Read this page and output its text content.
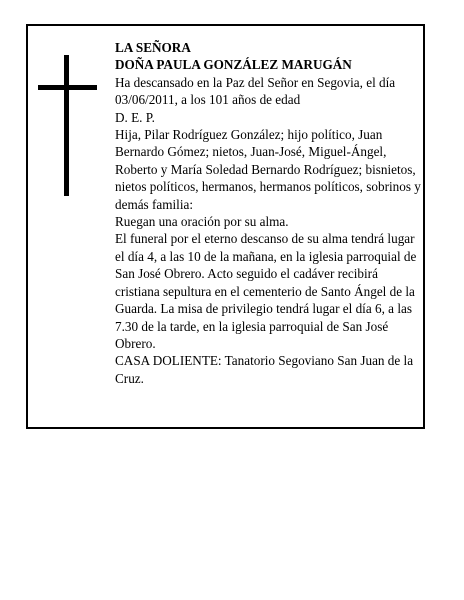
LA SEÑORA
DOÑA PAULA GONZÁLEZ MARUGÁN
Ha descansado en la Paz del Señor en Segovia, el día 03/06/2011, a los 101 años de edad
D. E. P.
Hija, Pilar Rodríguez González; hijo político, Juan Bernardo Gómez; nietos, Juan-José, Miguel-Ángel, Roberto y María Soledad Bernardo Rodríguez; bisnietos, nietos políticos, hermanos, hermanos políticos, sobrinos y demás familia:
Ruegan una oración por su alma.
El funeral por el eterno descanso de su alma tendrá lugar el día 4, a las 10 de la mañana, en la iglesia parroquial de San José Obrero. Acto seguido el cadáver recibirá cristiana sepultura en el cementerio de Santo Ángel de la Guarda. La misa de privilegio tendrá lugar el día 6, a las 7.30 de la tarde, en la iglesia parroquial de San José Obrero.
CASA DOLIENTE: Tanatorio Segoviano San Juan de la Cruz.
